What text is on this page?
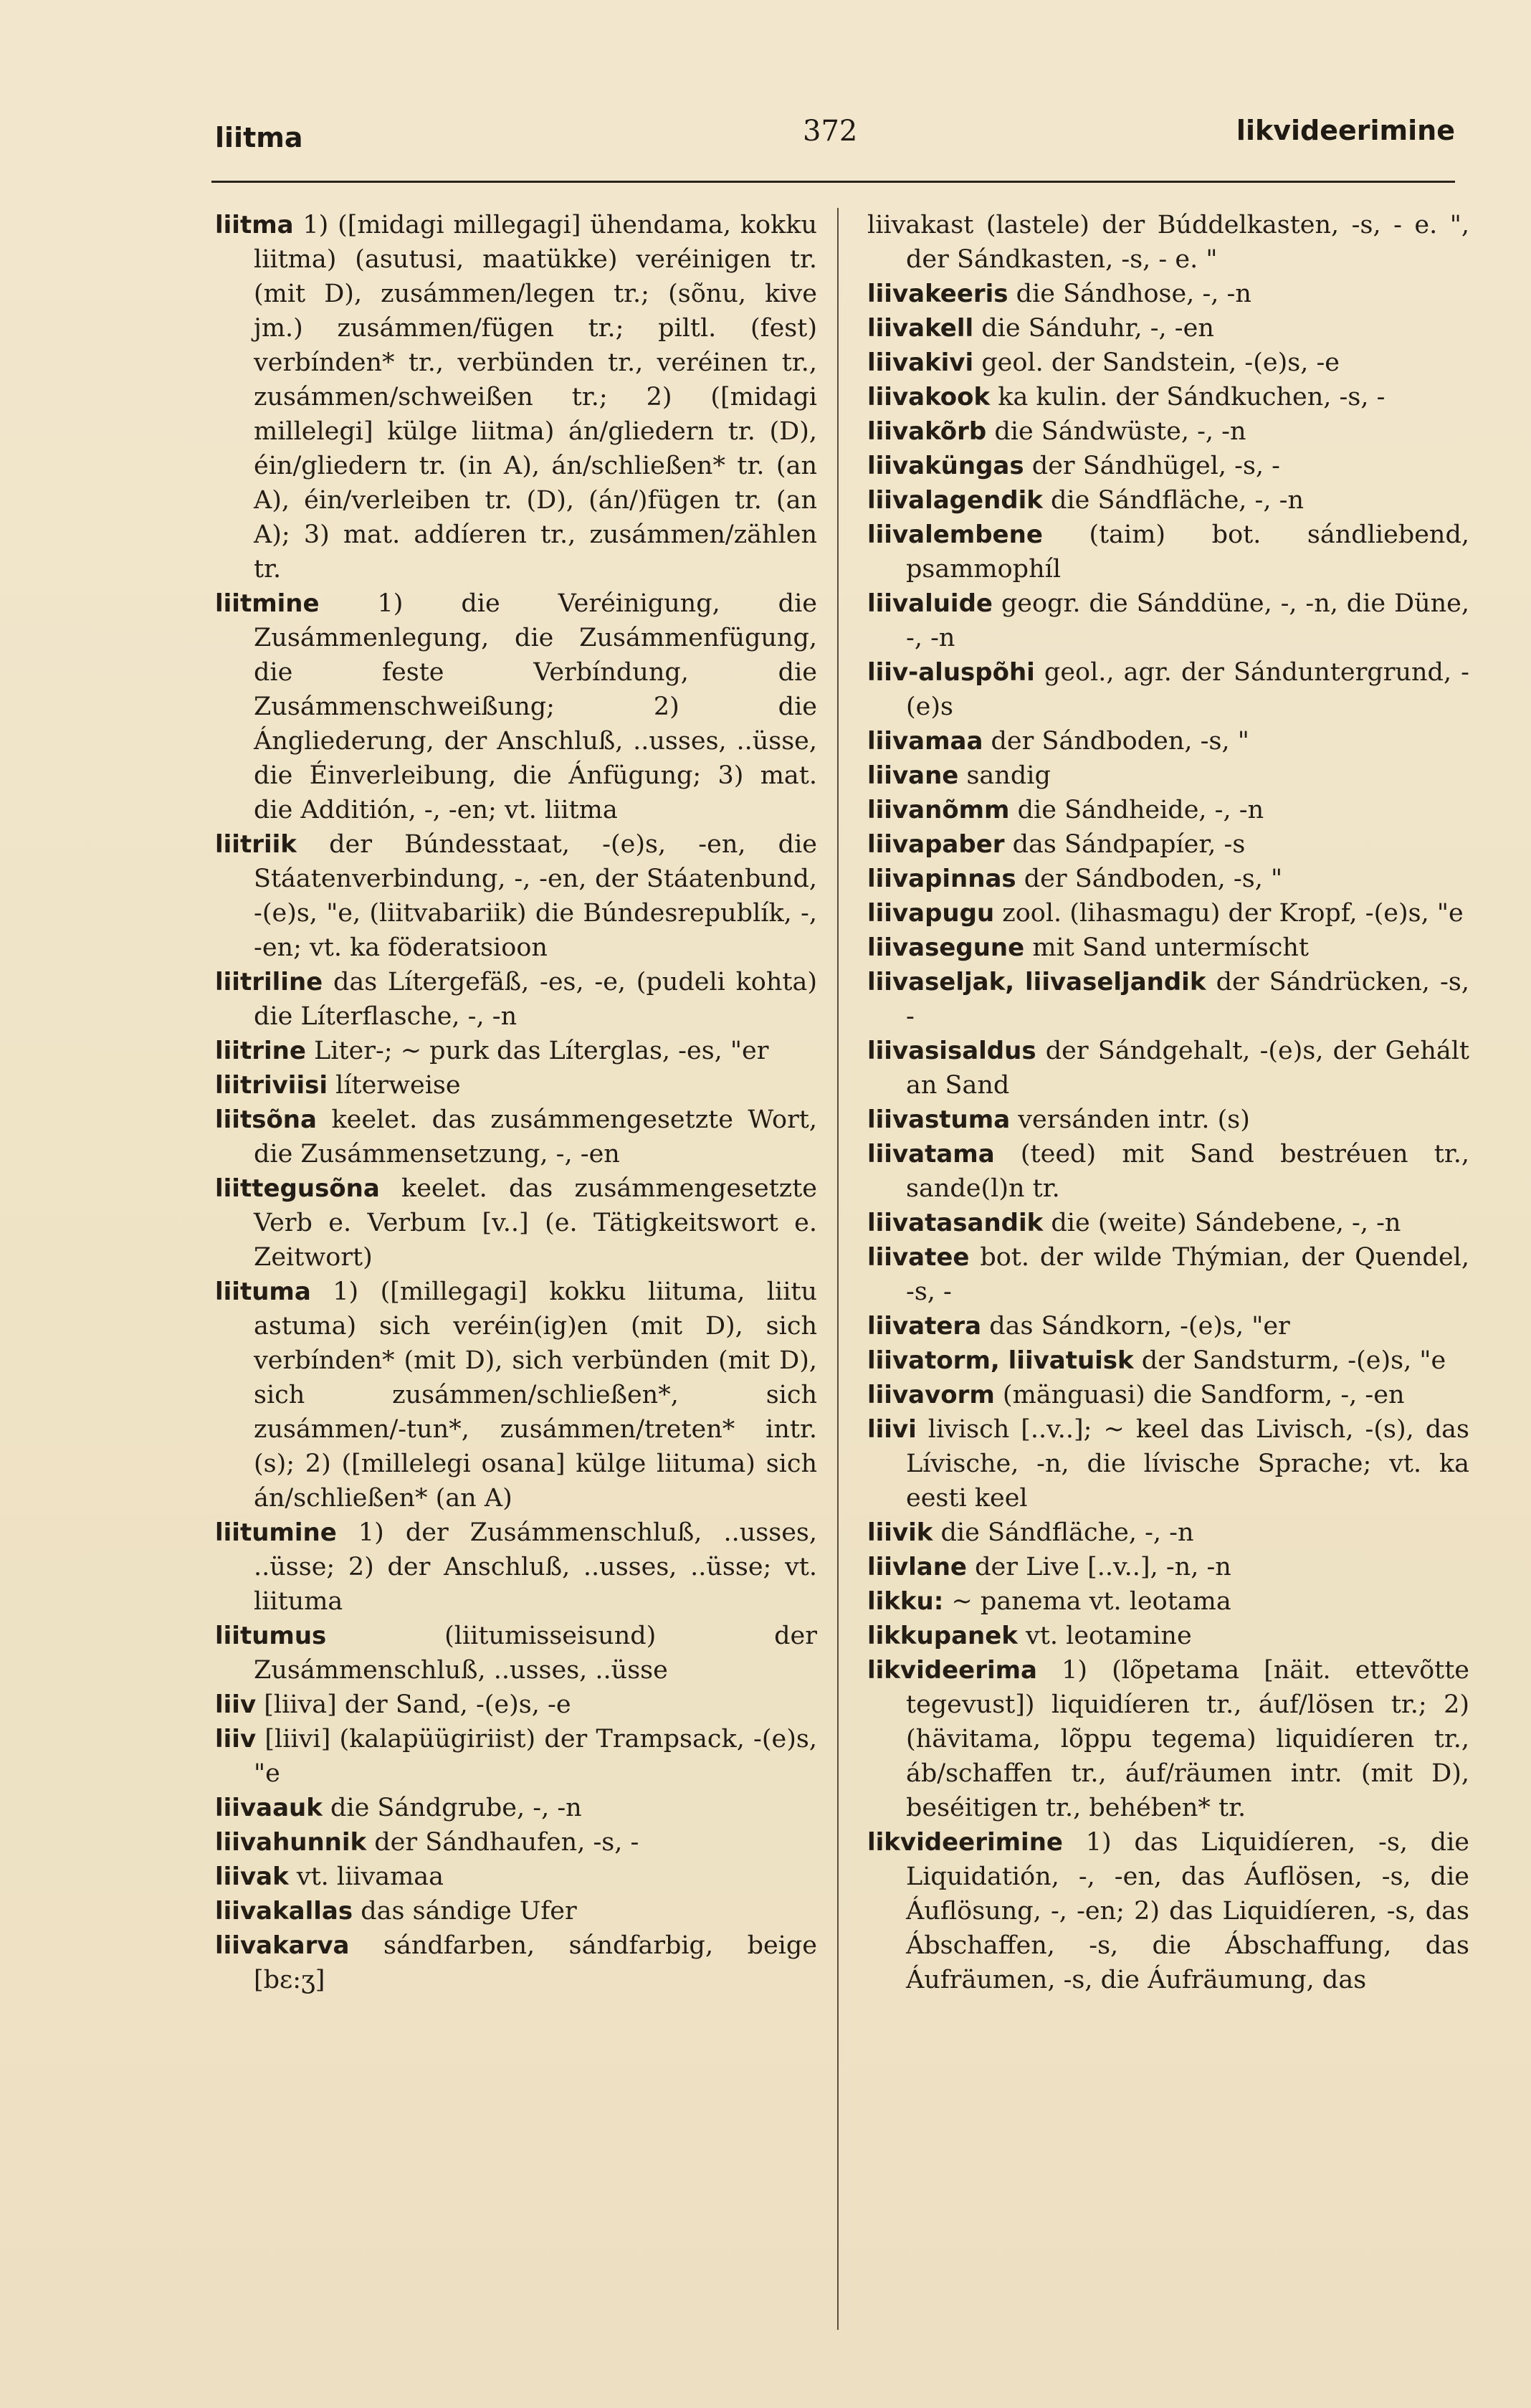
liitma	372	likvideerimine

liitma 1) ([midagi millegagi] ühendama, kokku liitma) (asutusi, maatükke) veréinigen tr. (mit D), zusámmen/legen tr.; (sõnu, kive jm.) zusámmen/fügen tr.; piltl. (fest) verbínden* tr., verbünden tr., veréinen tr., zusámmen/schweißen tr.; 2) ([midagi millelegi] külge liitma) án/gliedern tr. (D), éin/gliedern tr. (in A), án/schließen* tr. (an A), éin/verleiben tr. (D), (án/)fügen tr. (an A); 3) mat. addíeren tr., zusámmen/zählen tr.

liitmine 1) die Veréinigung, die Zusámmenlegung, die Zusámmenfügung, die feste Verbíndung, die Zusámmenschweißung; 2) die Ángliederung, der Anschluß, ..usses, ..üsse, die Éinverleibung, die Ánfügung; 3) mat. die Additión, -, -en; vt. liitma

liitriik der Búndesstaat, -(e)s, -en, die Stáatenverbindung, -, -en, der Stáatenbund, -(e)s, "e, (liitvabariik) die Búndesrepublík, -, -en; vt. ka föderatsioon

liitriline das Lítergefäß, -es, -e, (pudeli kohta) die Líterflasche, -, -n

liitrine Liter-; ~ purk das Líterglas, -es, "er

liitriviisi líterweise

liitsõna keelet. das zusámmengesetzte Wort, die Zusámmensetzung, -, -en

liittegusõna keelet. das zusámmengesetzte Verb e. Verbum [v..] (e. Tätigkeitswort e. Zeitwort)

liituma 1) ([millegagi] kokku liituma, liitu astuma) sich veréin(ig)en (mit D), sich verbínden* (mit D), sich verbünden (mit D), sich zusámmen/schließen*, sich zusámmen/-tun*, zusámmen/treten* intr. (s); 2) ([millelegi osana] külge liituma) sich án/schließen* (an A)

liitumine 1) der Zusámmenschluß, ..usses, ..üsse; 2) der Anschluß, ..usses, ..üsse; vt. liituma

liitumus (liitumisseisund) der Zusámmenschluß, ..usses, ..üsse

liiv [liiva] der Sand, -(e)s, -e

liiv [liivi] (kalapüügiriist) der Trampsack, -(e)s, "e

liivaauk die Sándgrube, -, -n

liivahunnik der Sándhaufen, -s, -

liivak vt. liivamaa

liivakallas das sándige Ufer

liivakarva sándfarben, sándfarbig, beige [bɛ:ʒ]

liivakast (lastele) der Búddelkasten, -s, - e. ", der Sándkasten, -s, - e. "

liivakeeris die Sándhose, -, -n

liivakell die Sánduhr, -, -en

liivakivi geol. der Sandstein, -(e)s, -e

liivakook ka kulin. der Sándkuchen, -s, -

liivakõrb die Sándwüste, -, -n

liivaküngas der Sándhügel, -s, -

liivalagendik die Sándfläche, -, -n

liivalembene (taim) bot. sándliebend, psammophíl

liivaluide geogr. die Sánddüne, -, -n, die Düne, -, -n

liiv-aluspõhi geol., agr. der Sánduntergrund, -(e)s

liivamaa der Sándboden, -s, "

liivane sandig

liivanõmm die Sándheide, -, -n

liivapaber das Sándpapíer, -s

liivapinnas der Sándboden, -s, "

liivapugu zool. (lihasmagu) der Kropf, -(e)s, "e

liivasegune mit Sand untermíscht

liivaseljak, liivaseljandik der Sándrücken, -s, -

liivasisaldus der Sándgehalt, -(e)s, der Gehált an Sand

liivastuma versánden intr. (s)

liivatama (teed) mit Sand bestréuen tr., sande(l)n tr.

liivatasandik die (weite) Sándebene, -, -n

liivatee bot. der wilde Thýmian, der Quendel, -s, -

liivatera das Sándkorn, -(e)s, "er

liivatorm, liivatuisk der Sandsturm, -(e)s, "e

liivavorm (mänguasi) die Sandform, -, -en

liivi livisch [..v..]; ~ keel das Livisch, -(s), das Lívische, -n, die lívische Sprache; vt. ka eesti keel

liivik die Sándfläche, -, -n

liivlane der Live [..v..], -n, -n

likku: ~ panema vt. leotama

likkupanek vt. leotamine

likvideerima 1) (lõpetama [näit. ettevõtte tegevust]) liquidíeren tr., áuf/lösen tr.; 2) (hävitama, lõppu tegema) liquidíeren tr., áb/schaffen tr., áuf/räumen intr. (mit D), beséitigen tr., behében* tr.

likvideerimine 1) das Liquidíeren, -s, die Liquidatión, -, -en, das Áuflösen, -s, die Áuflösung, -, -en; 2) das Liquidíeren, -s, das Ábschaffen, -s, die Ábschaffung, das Áufräumen, -s, die Áufräumung, das
